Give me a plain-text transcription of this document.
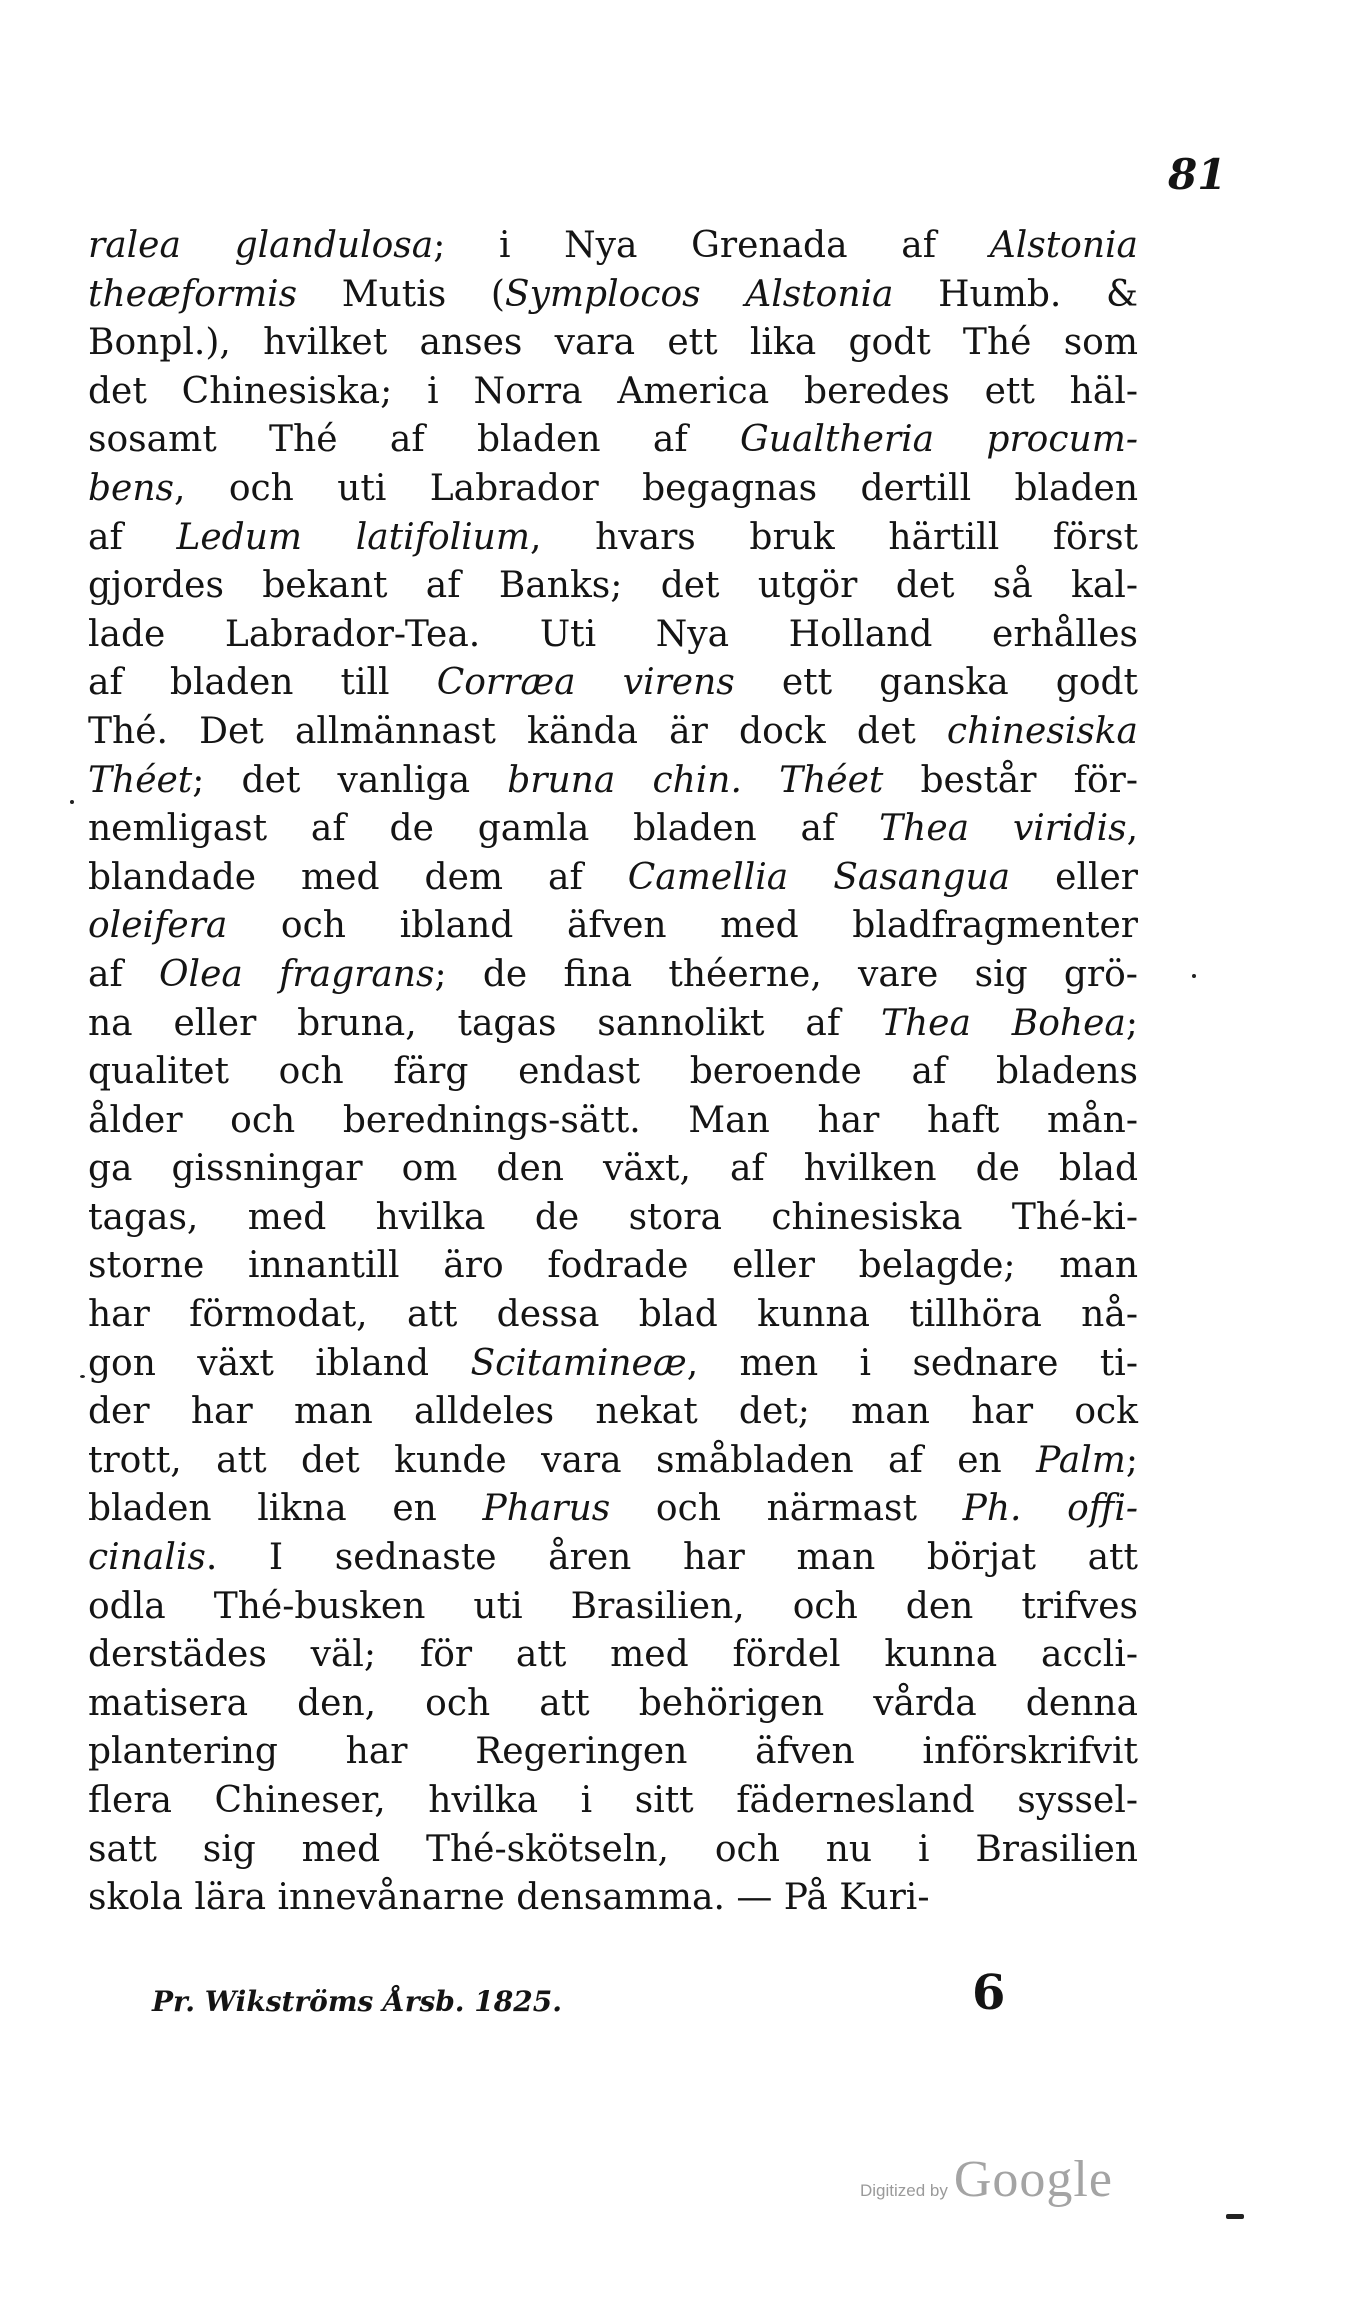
81
ralea glandulosa; i Nya Grenada af Alstonia
theæformis Mutis (Symplocos Alstonia Humb. &
Bonpl.), hvilket anses vara ett lika godt Thé som
det Chinesiska; i Norra America beredes ett häl-
sosamt Thé af bladen af Gualtheria procum-
bens, och uti Labrador begagnas dertill bladen
af Ledum latifolium, hvars bruk härtill först
gjordes bekant af Banks; det utgör det så kal-
lade Labrador-Tea. Uti Nya Holland erhålles
af bladen till Corræa virens ett ganska godt
Thé. Det allmännast kända är dock det chinesiska
Théet; det vanliga bruna chin. Théet består för-
nemligast af de gamla bladen af Thea viridis,
blandade med dem af Camellia Sasangua eller
oleifera och ibland äfven med bladfragmenter
af Olea fragrans; de fina théerne, vare sig grö-
na eller bruna, tagas sannolikt af Thea Bohea;
qualitet och färg endast beroende af bladens
ålder och berednings-sätt. Man har haft mån-
ga gissningar om den växt, af hvilken de blad
tagas, med hvilka de stora chinesiska Thé-ki-
storne innantill äro fodrade eller belagde; man
har förmodat, att dessa blad kunna tillhöra nå-
gon växt ibland Scitamineæ, men i sednare ti-
der har man alldeles nekat det; man har ock
trott, att det kunde vara småbladen af en Palm;
bladen likna en Pharus och närmast Ph. offi-
cinalis. I sednaste åren har man börjat att
odla Thé-busken uti Brasilien, och den trifves
derstädes väl; för att med fördel kunna accli-
matisera den, och att behörigen vårda denna
plantering har Regeringen äfven införskrifvit
flera Chineser, hvilka i sitt fädernesland syssel-
satt sig med Thé-skötseln, och nu i Brasilien
skola lära innevånarne densamma. — På Kuri-
Pr. Wikströms Årsb. 1825.	6
Digitized by Google
